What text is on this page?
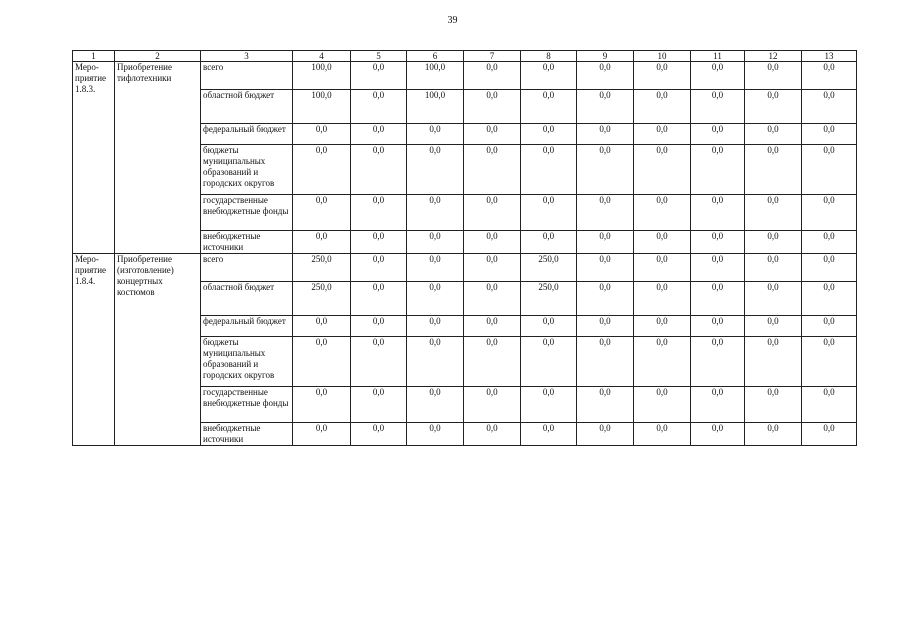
39
1	2	3	4	5	6	7	8	9	10	11	12	13
Меро-
приятие
1.8.3.	Приобретение тифлотехники	всего	100,0	0,0	100,0	0,0	0,0	0,0	0,0	0,0	0,0	0,0
		областной бюджет	100,0	0,0	100,0	0,0	0,0	0,0	0,0	0,0	0,0	0,0
		федеральный бюджет	0,0	0,0	0,0	0,0	0,0	0,0	0,0	0,0	0,0	0,0
		бюджеты муниципальных образований и городских округов	0,0	0,0	0,0	0,0	0,0	0,0	0,0	0,0	0,0	0,0
		государственные внебюджетные фонды	0,0	0,0	0,0	0,0	0,0	0,0	0,0	0,0	0,0	0,0
		внебюджетные источники	0,0	0,0	0,0	0,0	0,0	0,0	0,0	0,0	0,0	0,0
Меро-
приятие
1.8.4.	Приобретение (изготовление) концертных костюмов	всего	250,0	0,0	0,0	0,0	250,0	0,0	0,0	0,0	0,0	0,0
		областной бюджет	250,0	0,0	0,0	0,0	250,0	0,0	0,0	0,0	0,0	0,0
		федеральный бюджет	0,0	0,0	0,0	0,0	0,0	0,0	0,0	0,0	0,0	0,0
		бюджеты муниципальных образований и городских округов	0,0	0,0	0,0	0,0	0,0	0,0	0,0	0,0	0,0	0,0
		государственные внебюджетные фонды	0,0	0,0	0,0	0,0	0,0	0,0	0,0	0,0	0,0	0,0
		внебюджетные источники	0,0	0,0	0,0	0,0	0,0	0,0	0,0	0,0	0,0	0,0
